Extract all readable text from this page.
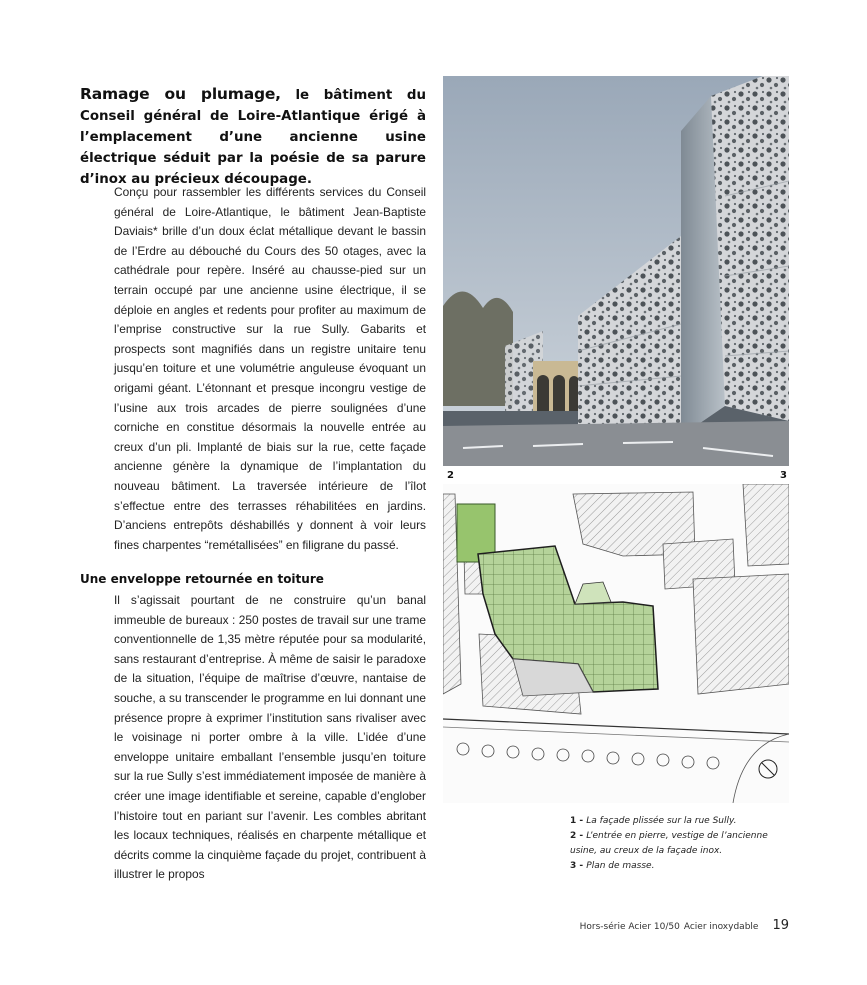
Ramage ou plumage, le bâtiment du Conseil général de Loire-Atlantique érigé à l’emplacement d’une ancienne usine électrique séduit par la poésie de sa parure d’inox au précieux découpage.

Conçu pour rassembler les différents services du Conseil général de Loire-Atlantique, le bâtiment Jean-Baptiste Daviais* brille d’un doux éclat métallique devant le bassin de l’Erdre au débouché du Cours des 50 otages, avec la cathédrale pour repère. Inséré au chausse-pied sur un terrain occupé par une ancienne usine électrique, il se déploie en angles et redents pour profiter au maximum de l’emprise constructive sur la rue Sully. Gabarits et prospects sont magnifiés dans un registre unitaire tenu jusqu’en toiture et une volumétrie anguleuse évoquant un origami géant. L’étonnant et presque incongru vestige de l’usine aux trois arcades de pierre soulignées d’une corniche en constitue désormais la nouvelle entrée au creux d’un pli. Implanté de biais sur la rue, cette façade ancienne génère la dynamique de l’implantation du nouveau bâtiment. La traversée intérieure de l’îlot s’effectue entre des terrasses réhabilitées en jardins. D’anciens entrepôts déshabillés y donnent à voir leurs fines charpentes “remétallisées” en filigrane du passé.

Une enveloppe retournée en toiture

Il s’agissait pourtant de ne construire qu’un banal immeuble de bureaux : 250 postes de travail sur une trame conventionnelle de 1,35 mètre réputée pour sa modularité, sans restaurant d’entreprise. À même de saisir le paradoxe de la situation, l’équipe de maîtrise d’œuvre, nantaise de souche, a su transcender le programme en lui donnant une présence propre à exprimer l’institution sans rivaliser avec le voisinage ni porter ombre à la ville. L’idée d’une enveloppe unitaire emballant l’ensemble jusqu’en toiture sur la rue Sully s’est immédiatement imposée de manière à créer une image identifiable et sereine, capable d’englober l’histoire tout en pariant sur l’avenir. Les combles abritant les locaux techniques, réalisés en charpente métallique et décrits comme la cinquième façade du projet, contribuent à illustrer le propos

2	3

1 - La façade plissée sur la rue Sully.

2 - L’entrée en pierre, vestige de l’ancienne usine, au creux de la façade inox.

3 - Plan de masse.

Hors-série Acier 10/50 Acier inoxydable 19
